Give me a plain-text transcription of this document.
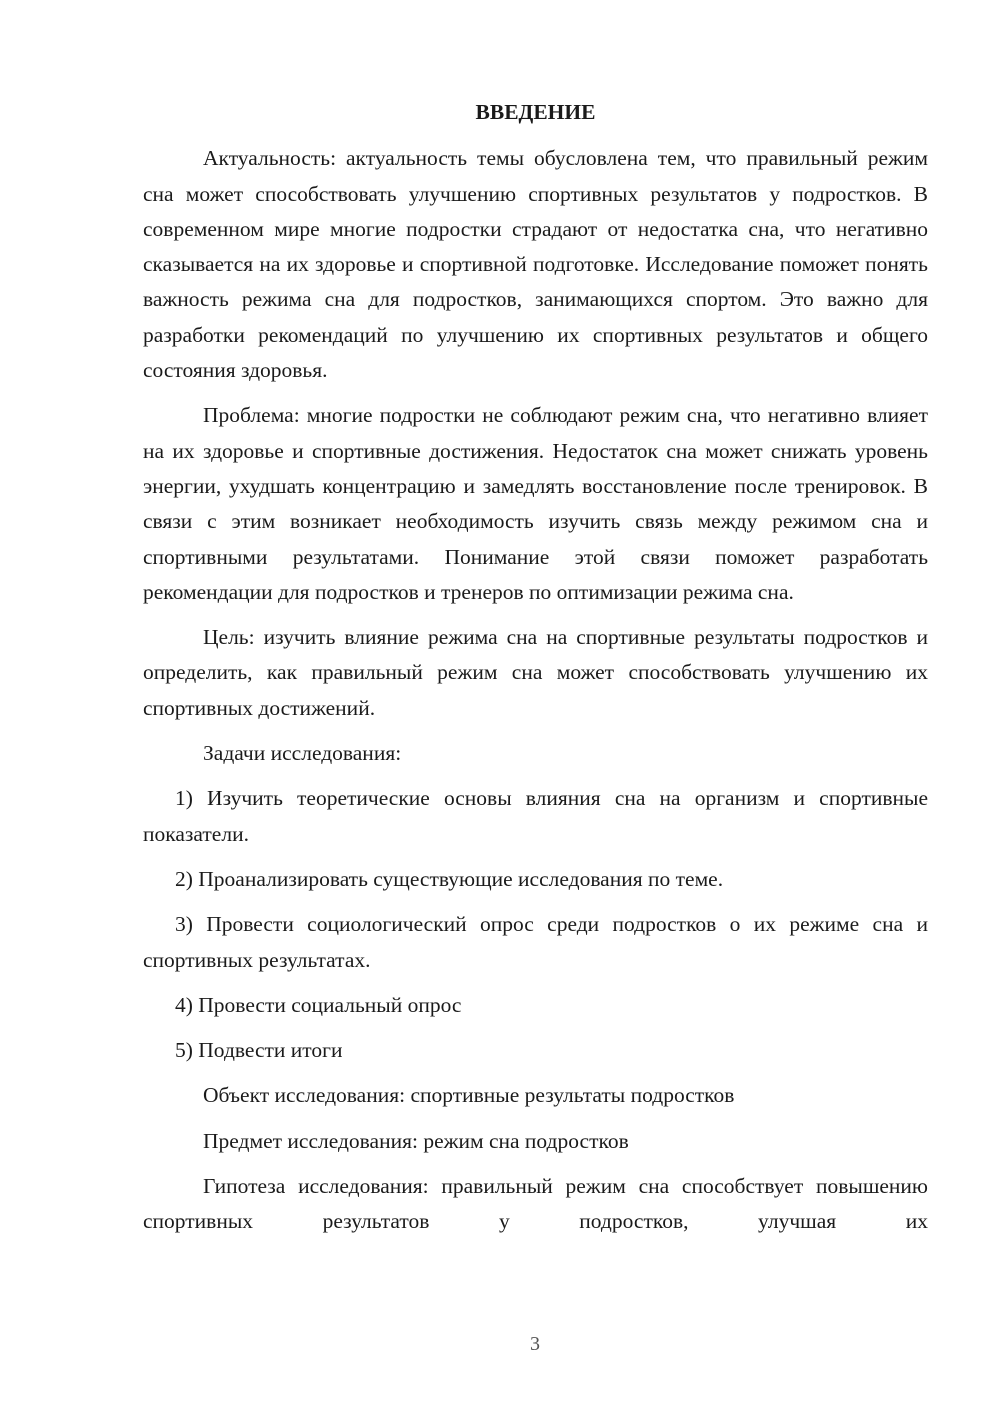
ВВЕДЕНИЕ

Актуальность: актуальность темы обусловлена тем, что правильный режим сна может способствовать улучшению спортивных результатов у подростков. В современном мире многие подростки страдают от недостатка сна, что негативно сказывается на их здоровье и спортивной подготовке. Исследование поможет понять важность режима сна для подростков, занимающихся спортом. Это важно для разработки рекомендаций по улучшению их спортивных результатов и общего состояния здоровья.

Проблема: многие подростки не соблюдают режим сна, что негативно влияет на их здоровье и спортивные достижения. Недостаток сна может снижать уровень энергии, ухудшать концентрацию и замедлять восстановление после тренировок. В связи с этим возникает необходимость изучить связь между режимом сна и спортивными результатами. Понимание этой связи поможет разработать рекомендации для подростков и тренеров по оптимизации режима сна.

Цель: изучить влияние режима сна на спортивные результаты подростков и определить, как правильный режим сна может способствовать улучшению их спортивных достижений.

Задачи исследования:

1) Изучить теоретические основы влияния сна на организм и спортивные показатели.

2) Проанализировать существующие исследования по теме.

3) Провести социологический опрос среди подростков о их режиме сна и спортивных результатах.

4) Провести социальный опрос

5) Подвести итоги

Объект исследования: спортивные результаты подростков

Предмет исследования: режим сна подростков

Гипотеза исследования: правильный режим сна способствует повышению спортивных результатов у подростков, улучшая их

3
